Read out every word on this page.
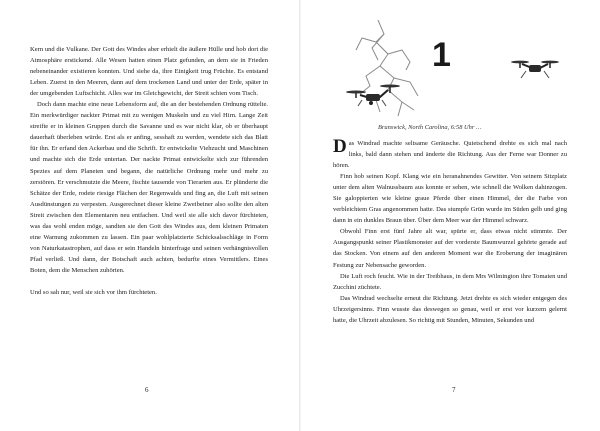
Kern und die Vulkane. Der Gott des Windes aber erhielt die äußere Hülle und hob dort die Atmosphäre erstickend. Alle Wesen hatten einen Platz gefunden, an dem sie in Frieden nebeneinander existieren konnten. Und siehe da, ihre Einigkeit trug Früchte. Es entstand Leben. Zuerst in den Meeren, dann auf dem trockenen Land und unter der Erde, später in der umgebenden Luftschicht. Alles war im Gleichgewicht, der Streit schien vom Tisch.

Doch dann machte eine neue Lebensform auf, die an der bestehenden Ordnung rüttelte. Ein merkwürdiger nackter Primat mit zu wenigen Muskeln und zu viel Hirn. Lange Zeit streifte er in kleinen Gruppen durch die Savanne und es war nicht klar, ob er überhaupt dauerhaft überleben würde. Erst als er anfing, sesshaft zu werden, wendete sich das Blatt für ihn. Er erfand den Ackerbau und die Schrift. Er entwickelte Viehzucht und Maschinen und machte sich die Erde untertan. Der nackte Primat entwickelte sich zur führenden Spezies auf dem Planeten und begann, die natürliche Ordnung mehr und mehr zu zerstören. Er verschmutzte die Meere, fischte tausende von Tierarten aus. Er plünderte die Schätze der Erde, rodete riesige Flächen der Regenwalds und fing an, die Luft mit seinen Ausdünstungen zu verpesten. Ausgerechnet dieser kleine Zweibeiner also sollte den alten Streit zwischen den Elementaren neu entfachen. Und weil sie alle sich davor fürchteten, was das wohl enden möge, sandten sie den Gott des Windes aus, dem kleinen Primaten eine Warnung zukommen zu lassen. Ein paar wohlplatzierte Schicksalsschläge in Form von Naturkatastrophen, auf dass er sein Handeln hinterfrage und seinen verhängnisvollen Pfad verließ. Und dann, der Botschaft auch achten, bedurfte eines Vermittlers. Eines Boten, dem die Menschen zuhörten.

Und so sah nur, weil sie sich vor ihm fürchteten.

6
1
Brunswick, North Carolina, 6:58 Uhr …

Das Windrad machte seltsame Geräusche. Quietschend drehte es sich mal nach links, bald dann stehen und änderte die Richtung. Aus der Ferne war Donner zu hören.

Finn hob seinen Kopf. Klang wie ein heranahnendes Gewitter. Von seinem Sitzplatz unter dem alten Walnussbaum aus konnte er sehen, wie schnell die Wolken dahinzogen. Sie galoppierten wie kleine graue Pferde über einen Himmel, der die Farbe von verbleichtem Gras angenommen hatte. Das stumpfe Grün wurde im Süden gelb und ging dann in ein dunkles Braun über. Über dem Meer war der Himmel schwarz.

Obwohl Finn erst fünf Jahre alt war, spürte er, dass etwas nicht stimmte. Der Ausgangspunkt seiner Plastikmonster auf der vorderste Baumwurzel gehörte gerade auf das Stocken. Von einem auf den anderen Moment war die Eroberung der imaginären Festung zur Nebensache geworden.

Die Luft roch feucht. Wie in der Treibhaus, in dem Mrs Wilmington ihre Tomaten und Zucchini züchtete.

Das Windrad wechselte erneut die Richtung. Jetzt drehte es sich wieder entgegen des Uhrzeigersinns. Finn wusste das deswegen so genau, weil er erst vor kurzem gelernt hatte, die Uhrzeit abzulesen. So richtig mit Stunden, Minuten, Sekunden und

7
